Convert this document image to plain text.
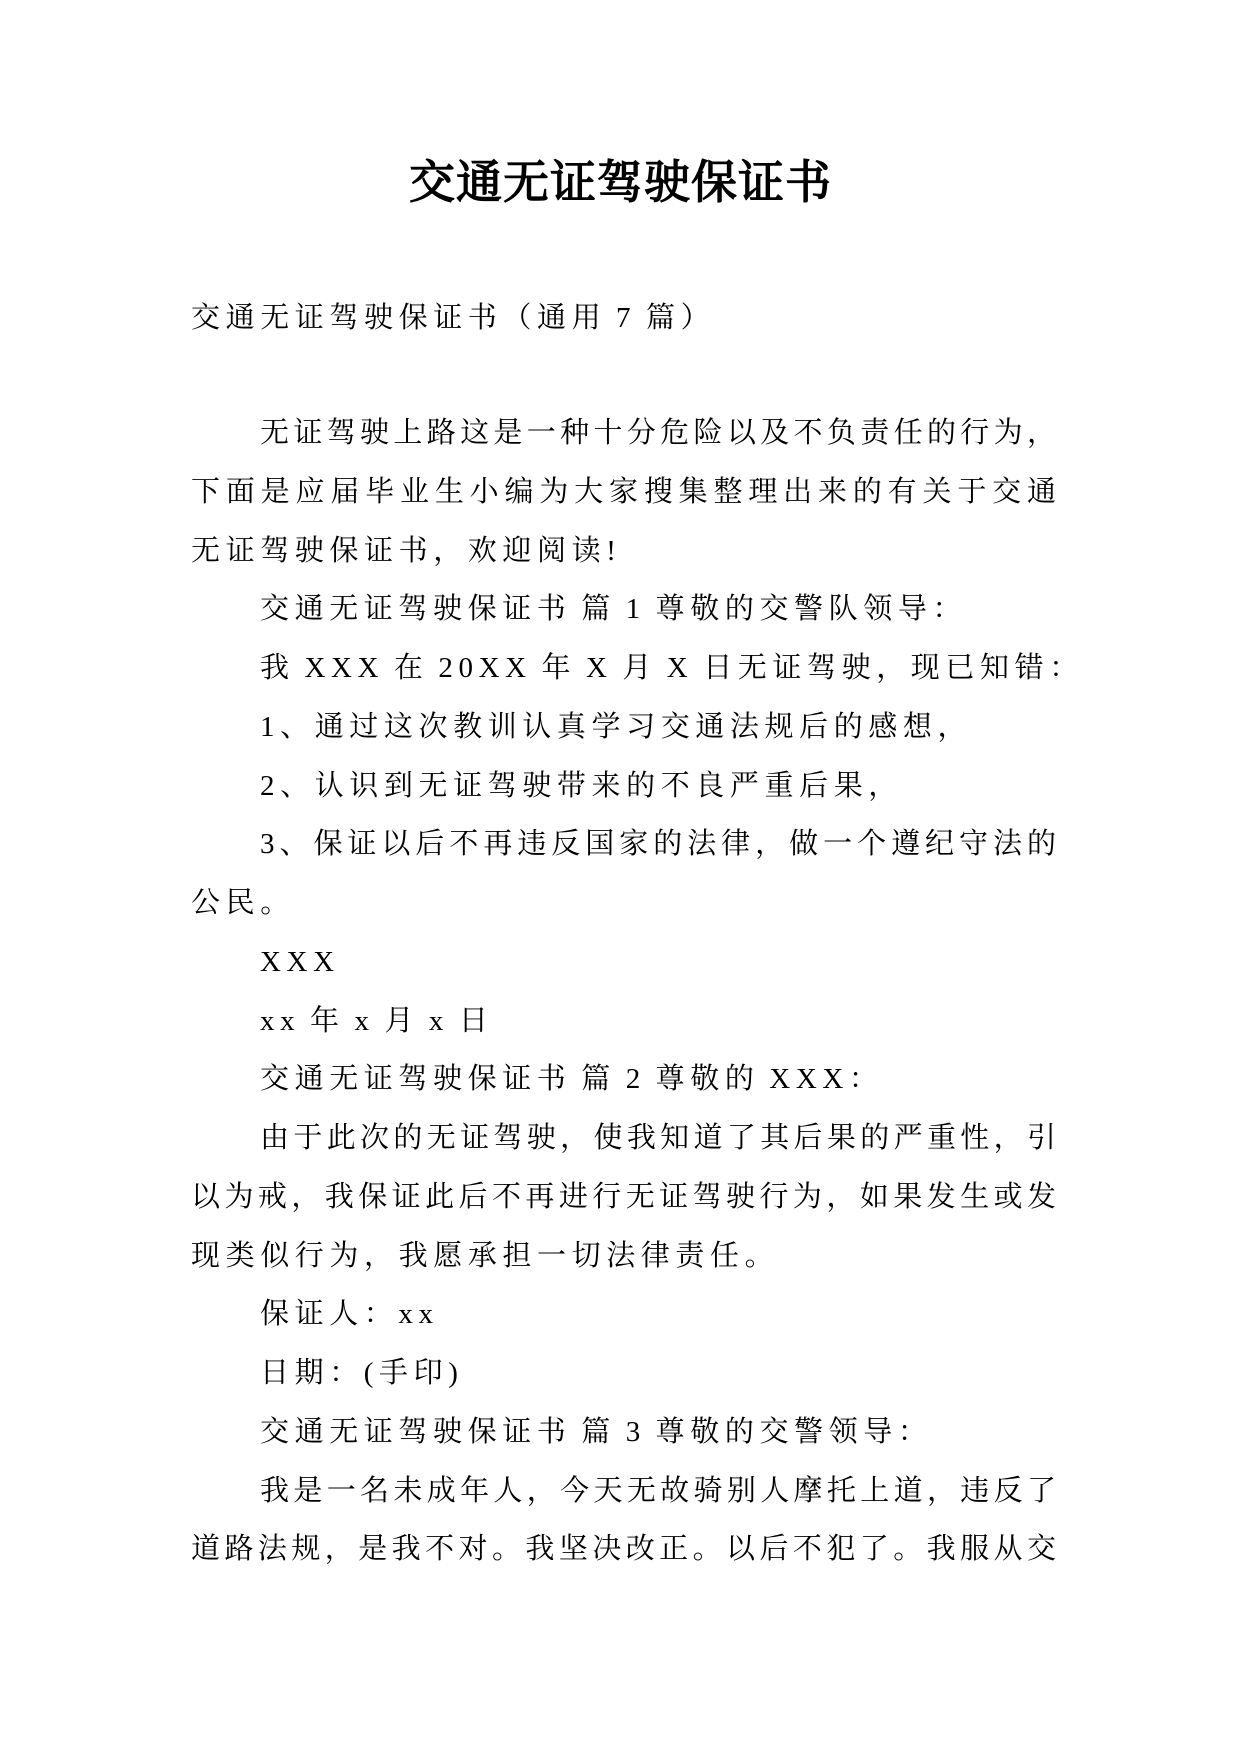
交通无证驾驶保证书
交通无证驾驶保证书（通用 7 篇）
无证驾驶上路这是一种十分危险以及不负责任的行为，
下面是应届毕业生小编为大家搜集整理出来的有关于交通
无证驾驶保证书，欢迎阅读!
交通无证驾驶保证书 篇 1 尊敬的交警队领导：
我 XXX 在 20XX 年 X 月 X 日无证驾驶，现已知错：
1、通过这次教训认真学习交通法规后的感想，
2、认识到无证驾驶带来的不良严重后果，
3、保证以后不再违反国家的法律，做一个遵纪守法的
公民。
XXX
xx 年 x 月 x 日
交通无证驾驶保证书 篇 2 尊敬的 XXX：
由于此次的无证驾驶，使我知道了其后果的严重性，引
以为戒，我保证此后不再进行无证驾驶行为，如果发生或发
现类似行为，我愿承担一切法律责任。
保证人：xx
日期：(手印)
交通无证驾驶保证书 篇 3 尊敬的交警领导：
我是一名未成年人，今天无故骑别人摩托上道，违反了
道路法规，是我不对。我坚决改正。以后不犯了。我服从交
